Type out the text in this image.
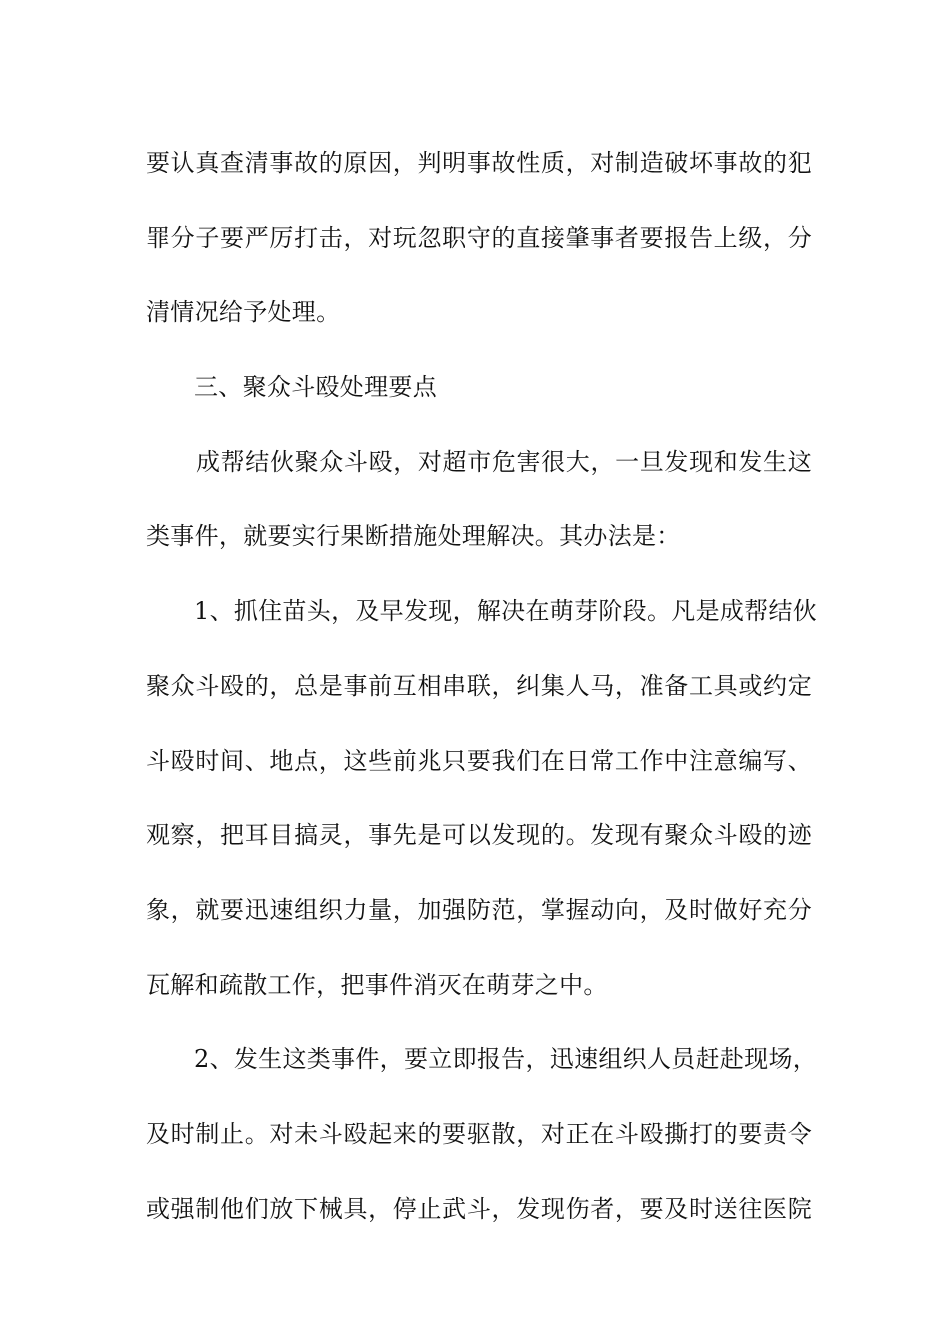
要认真查清事故的原因，判明事故性质，对制造破坏事故的犯
罪分子要严厉打击，对玩忽职守的直接肇事者要报告上级，分
清情况给予处理。
三、聚众斗殴处理要点
成帮结伙聚众斗殴，对超市危害很大，一旦发现和发生这
类事件，就要实行果断措施处理解决。其办法是：
1、抓住苗头，及早发现，解决在萌芽阶段。凡是成帮结伙
聚众斗殴的，总是事前互相串联，纠集人马，准备工具或约定
斗殴时间、地点，这些前兆只要我们在日常工作中注意编写、
观察，把耳目搞灵，事先是可以发现的。发现有聚众斗殴的迹
象，就要迅速组织力量，加强防范，掌握动向，及时做好充分
瓦解和疏散工作，把事件消灭在萌芽之中。
2、发生这类事件，要立即报告，迅速组织人员赶赴现场，
及时制止。对未斗殴起来的要驱散，对正在斗殴撕打的要责令
或强制他们放下械具，停止武斗，发现伤者，要及时送往医院
